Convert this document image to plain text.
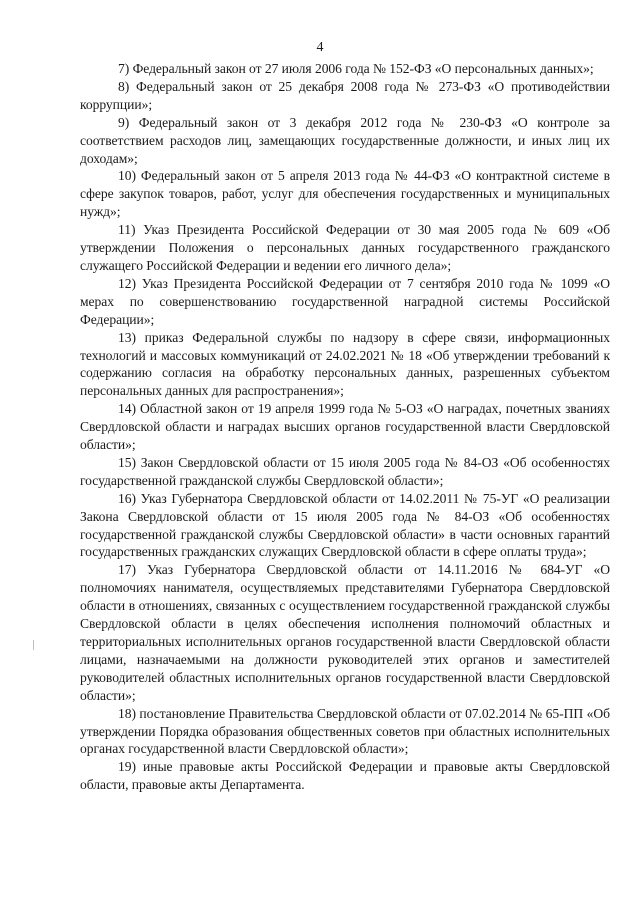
4

7) Федеральный закон от 27 июля 2006 года № 152-ФЗ «О персональных данных»;

8) Федеральный закон от 25 декабря 2008 года № 273-ФЗ «О противодействии коррупции»;

9) Федеральный закон от 3 декабря 2012 года № 230-ФЗ «О контроле за соответствием расходов лиц, замещающих государственные должности, и иных лиц их доходам»;

10) Федеральный закон от 5 апреля 2013 года № 44-ФЗ «О контрактной системе в сфере закупок товаров, работ, услуг для обеспечения государственных и муниципальных нужд»;

11) Указ Президента Российской Федерации от 30 мая 2005 года № 609 «Об утверждении Положения о персональных данных государственного гражданского служащего Российской Федерации и ведении его личного дела»;

12) Указ Президента Российской Федерации от 7 сентября 2010 года № 1099 «О мерах по совершенствованию государственной наградной системы Российской Федерации»;

13) приказ Федеральной службы по надзору в сфере связи, информационных технологий и массовых коммуникаций от 24.02.2021 № 18 «Об утверждении требований к содержанию согласия на обработку персональных данных, разрешенных субъектом персональных данных для распространения»;

14) Областной закон от 19 апреля 1999 года № 5-ОЗ «О наградах, почетных званиях Свердловской области и наградах высших органов государственной власти Свердловской области»;

15) Закон Свердловской области от 15 июля 2005 года № 84-ОЗ «Об особенностях государственной гражданской службы Свердловской области»;

16) Указ Губернатора Свердловской области от 14.02.2011 № 75-УГ «О реализации Закона Свердловской области от 15 июля 2005 года № 84-ОЗ «Об особенностях государственной гражданской службы Свердловской области» в части основных гарантий государственных гражданских служащих Свердловской области в сфере оплаты труда»;

17) Указ Губернатора Свердловской области от 14.11.2016 № 684-УГ «О полномочиях нанимателя, осуществляемых представителями Губернатора Свердловской области в отношениях, связанных с осуществлением государственной гражданской службы Свердловской области в целях обеспечения исполнения полномочий областных и территориальных исполнительных органов государственной власти Свердловской области лицами, назначаемыми на должности руководителей этих органов и заместителей руководителей областных исполнительных органов государственной власти Свердловской области»;

18) постановление Правительства Свердловской области от 07.02.2014 № 65-ПП «Об утверждении Порядка образования общественных советов при областных исполнительных органах государственной власти Свердловской области»;

19) иные правовые акты Российской Федерации и правовые акты Свердловской области, правовые акты Департамента.
